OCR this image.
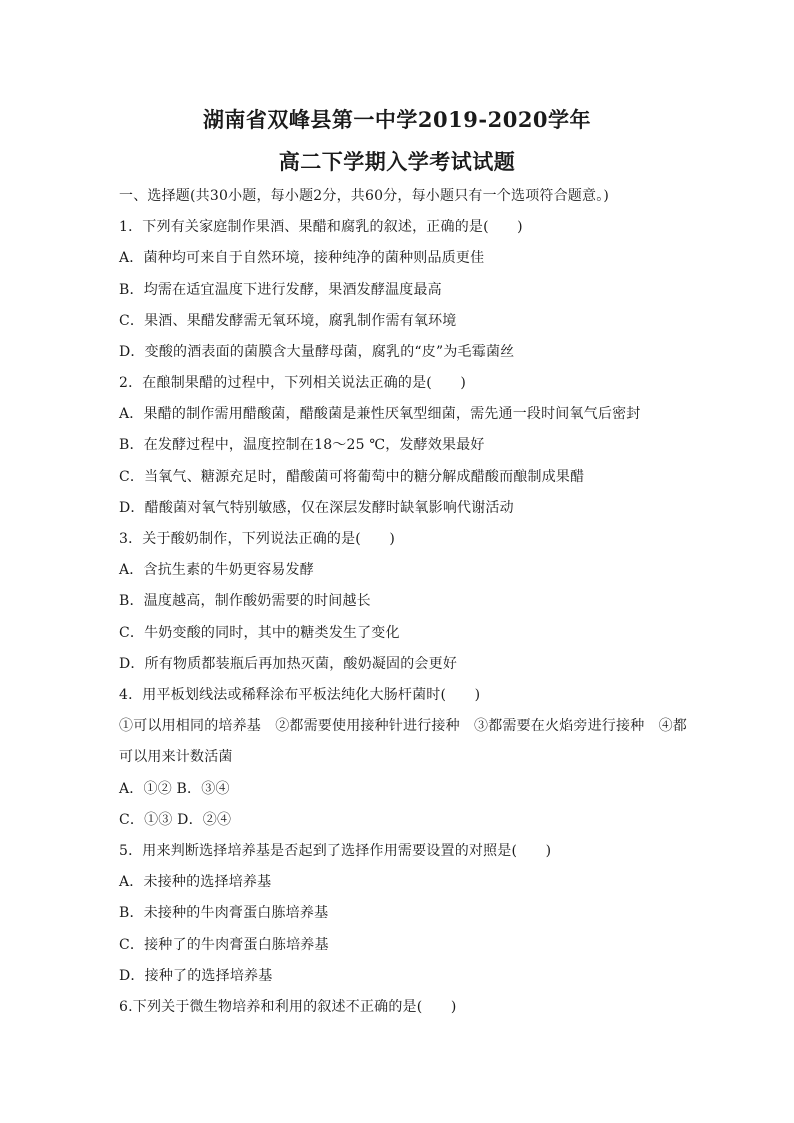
湖南省双峰县第一中学2019-2020学年
高二下学期入学考试试题
一、选择题(共30小题，每小题2分，共60分，每小题只有一个选项符合题意。)
1．下列有关家庭制作果酒、果醋和腐乳的叙述，正确的是(　　)
A．菌种均可来自于自然环境，接种纯净的菌种则品质更佳
B．均需在适宜温度下进行发酵，果酒发酵温度最高
C．果酒、果醋发酵需无氧环境，腐乳制作需有氧环境
D．变酸的酒表面的菌膜含大量酵母菌，腐乳的“皮”为毛霉菌丝
2．在酿制果醋的过程中，下列相关说法正确的是(　　)
A．果醋的制作需用醋酸菌，醋酸菌是兼性厌氧型细菌，需先通一段时间氧气后密封
B．在发酵过程中，温度控制在18～25 ℃，发酵效果最好
C．当氧气、糖源充足时，醋酸菌可将葡萄中的糖分解成醋酸而酿制成果醋
D．醋酸菌对氧气特别敏感，仅在深层发酵时缺氧影响代谢活动
3．关于酸奶制作，下列说法正确的是(　　)
A．含抗生素的牛奶更容易发酵
B．温度越高，制作酸奶需要的时间越长
C．牛奶变酸的同时，其中的糖类发生了变化
D．所有物质都装瓶后再加热灭菌，酸奶凝固的会更好
4．用平板划线法或稀释涂布平板法纯化大肠杆菌时(　　)
①可以用相同的培养基　②都需要使用接种针进行接种　③都需要在火焰旁进行接种　④都
可以用来计数活菌
A．①② B．③④
C．①③ D．②④
5．用来判断选择培养基是否起到了选择作用需要设置的对照是(　　)
A．未接种的选择培养基
B．未接种的牛肉膏蛋白胨培养基
C．接种了的牛肉膏蛋白胨培养基
D．接种了的选择培养基
6.下列关于微生物培养和利用的叙述不正确的是(　　)
